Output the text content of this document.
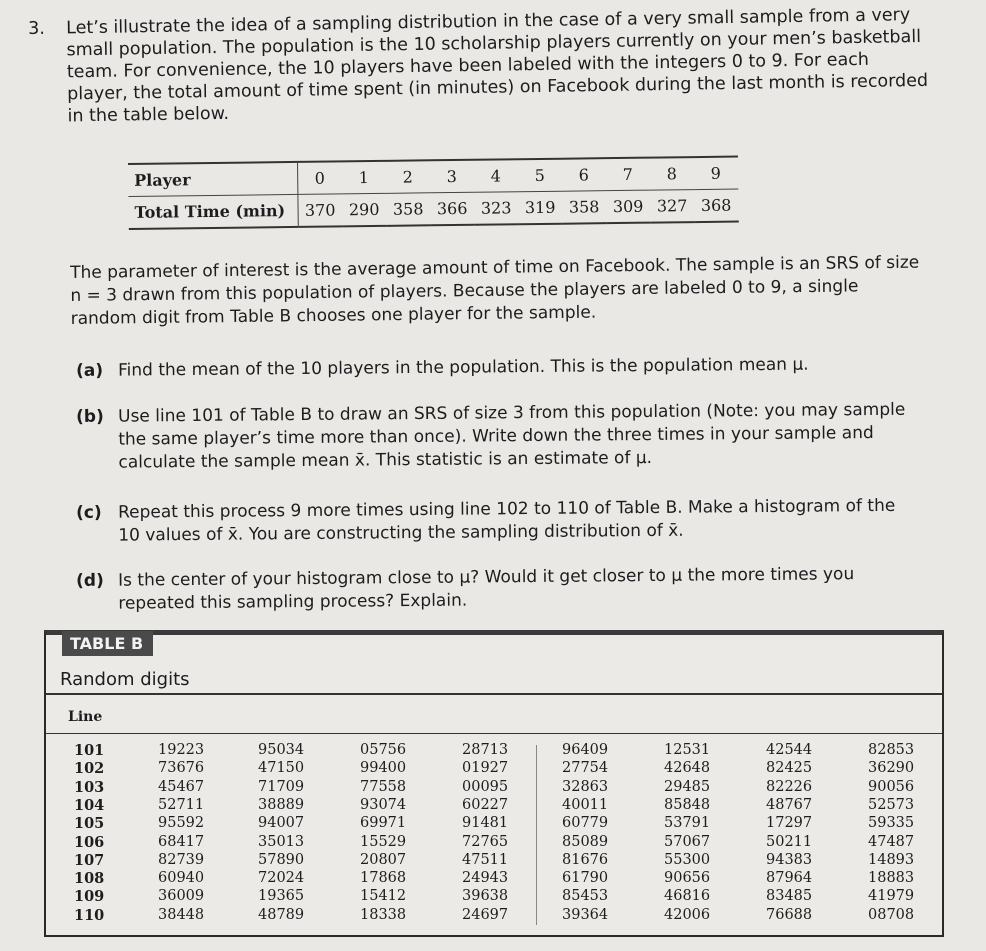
3. Let’s illustrate the idea of a sampling distribution in the case of a very small sample from a very small population. The population is the 10 scholarship players currently on your men’s basketball team. For convenience, the 10 players have been labeled with the integers 0 to 9. For each player, the total amount of time spent (in minutes) on Facebook during the last month is recorded in the table below.
Player	0	1	2	3	4	5	6	7	8	9
Total Time (min)	370	290	358	366	323	319	358	309	327	368
The parameter of interest is the average amount of time on Facebook. The sample is an SRS of size n = 3 drawn from this population of players. Because the players are labeled 0 to 9, a single random digit from Table B chooses one player for the sample.
(a) Find the mean of the 10 players in the population. This is the population mean μ.
(b) Use line 101 of Table B to draw an SRS of size 3 from this population (Note: you may sample the same player’s time more than once). Write down the three times in your sample and calculate the sample mean x̄. This statistic is an estimate of μ.
(c) Repeat this process 9 more times using line 102 to 110 of Table B. Make a histogram of the 10 values of x̄. You are constructing the sampling distribution of x̄.
(d) Is the center of your histogram close to μ? Would it get closer to μ the more times you repeated this sampling process? Explain.
TABLE B
Random digits
Line
101	19223	95034	05756	28713	96409	12531	42544	82853
102	73676	47150	99400	01927	27754	42648	82425	36290
103	45467	71709	77558	00095	32863	29485	82226	90056
104	52711	38889	93074	60227	40011	85848	48767	52573
105	95592	94007	69971	91481	60779	53791	17297	59335
106	68417	35013	15529	72765	85089	57067	50211	47487
107	82739	57890	20807	47511	81676	55300	94383	14893
108	60940	72024	17868	24943	61790	90656	87964	18883
109	36009	19365	15412	39638	85453	46816	83485	41979
110	38448	48789	18338	24697	39364	42006	76688	08708
